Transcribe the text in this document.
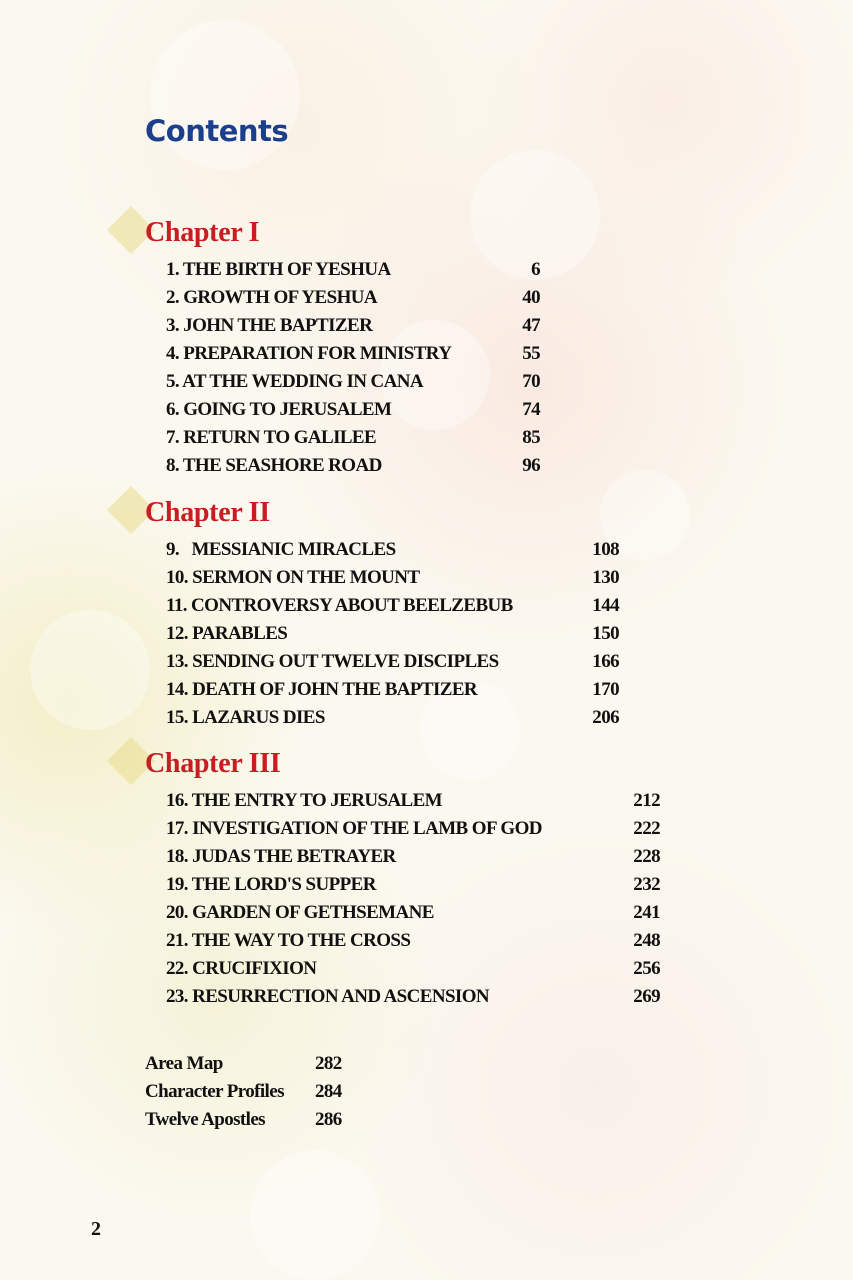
Contents
Chapter I
1. THE BIRTH OF YESHUA	6
2. GROWTH OF YESHUA	40
3. JOHN THE BAPTIZER	47
4. PREPARATION FOR MINISTRY	55
5. AT THE WEDDING IN CANA	70
6. GOING TO JERUSALEM	74
7. RETURN TO GALILEE	85
8. THE SEASHORE ROAD	96
Chapter II
9.   MESSIANIC MIRACLES	108
10. SERMON ON THE MOUNT	130
11. CONTROVERSY ABOUT BEELZEBUB	144
12. PARABLES	150
13. SENDING OUT TWELVE DISCIPLES	166
14. DEATH OF JOHN THE BAPTIZER	170
15. LAZARUS DIES	206
Chapter III
16. THE ENTRY TO JERUSALEM	212
17. INVESTIGATION OF THE LAMB OF GOD	222
18. JUDAS THE BETRAYER	228
19. THE LORD'S SUPPER	232
20. GARDEN OF GETHSEMANE	241
21. THE WAY TO THE CROSS	248
22. CRUCIFIXION	256
23. RESURRECTION AND ASCENSION	269
Area Map	282
Character Profiles 284
Twelve Apostles	286
2
